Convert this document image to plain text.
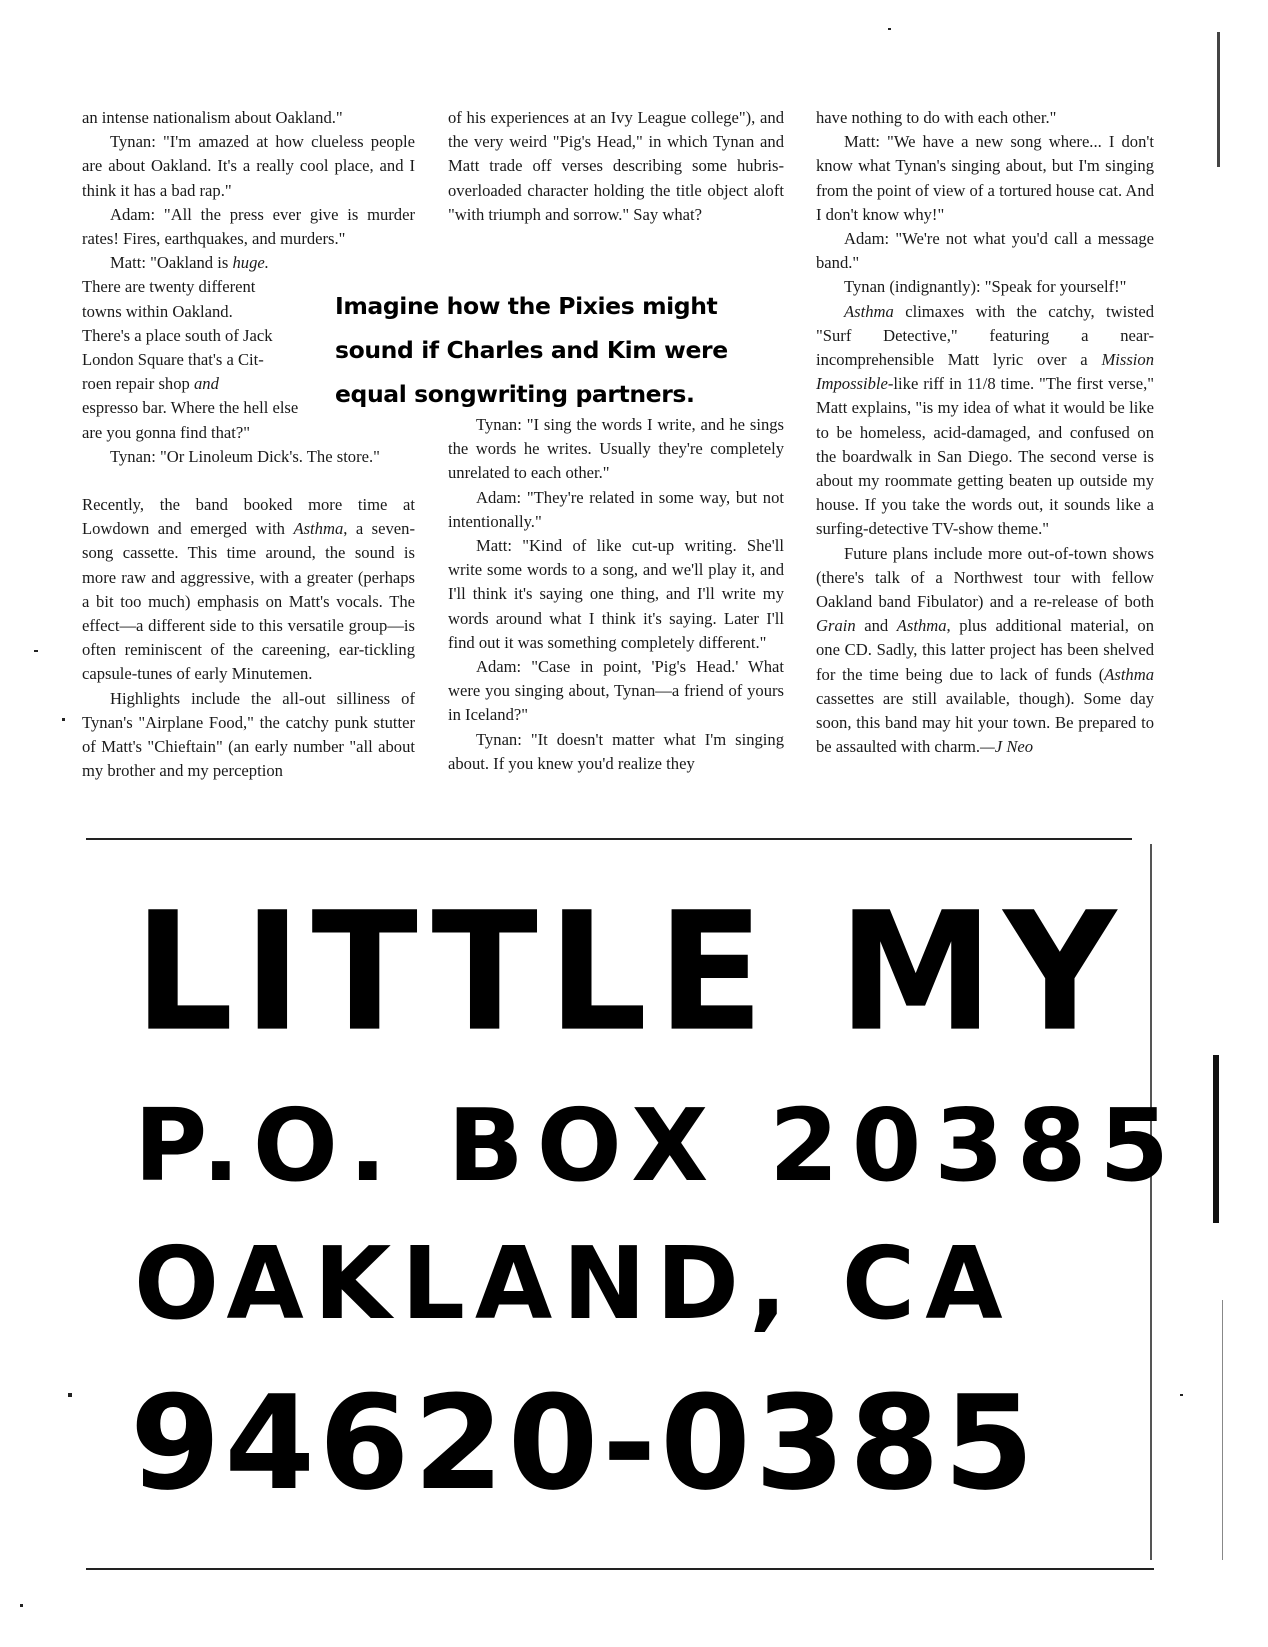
an intense nationalism about Oakland."

Tynan: "I'm amazed at how clueless people are about Oakland. It's a really cool place, and I think it has a bad rap."

Adam: "All the press ever give is murder rates! Fires, earthquakes, and murders."

Matt: "Oakland is huge.

There are twenty different
towns within Oakland.
There's a place south of Jack
London Square that's a Cit-
roen repair shop and

espresso bar. Where the hell else are you gonna find that?"

Tynan: "Or Linoleum Dick's. The store."

Recently, the band booked more time at Lowdown and emerged with Asthma, a seven-song cassette. This time around, the sound is more raw and aggressive, with a greater (perhaps a bit too much) emphasis on Matt's vocals. The effect—a different side to this versatile group—is often reminiscent of the careening, ear-tickling capsule-tunes of early Minutemen.

Highlights include the all-out silliness of Tynan's "Airplane Food," the catchy punk stutter of Matt's "Chieftain" (an early number "all about my brother and my perception

of his experiences at an Ivy League college"), and the very weird "Pig's Head," in which Tynan and Matt trade off verses describing some hubris-overloaded character holding the title object aloft "with triumph and sorrow." Say what?

Tynan: "I sing the words I write, and he sings the words he writes. Usually they're completely unrelated to each other."

Adam: "They're related in some way, but not intentionally."

Matt: "Kind of like cut-up writing. She'll write some words to a song, and we'll play it, and I'll think it's saying one thing, and I'll write my words around what I think it's saying. Later I'll find out it was something completely different."

Adam: "Case in point, 'Pig's Head.' What were you singing about, Tynan—a friend of yours in Iceland?"

Tynan: "It doesn't matter what I'm singing about. If you knew you'd realize they

have nothing to do with each other."

Matt: "We have a new song where... I don't know what Tynan's singing about, but I'm singing from the point of view of a tortured house cat. And I don't know why!"

Adam: "We're not what you'd call a message band."

Tynan (indignantly): "Speak for yourself!"

Asthma climaxes with the catchy, twisted "Surf Detective," featuring a near-incomprehensible Matt lyric over a Mission Impossible-like riff in 11/8 time. "The first verse," Matt explains, "is my idea of what it would be like to be homeless, acid-damaged, and confused on the boardwalk in San Diego. The second verse is about my roommate getting beaten up outside my house. If you take the words out, it sounds like a surfing-detective TV-show theme."

Future plans include more out-of-town shows (there's talk of a Northwest tour with fellow Oakland band Fibulator) and a re-release of both Grain and Asthma, plus additional material, on one CD. Sadly, this latter project has been shelved for the time being due to lack of funds (Asthma cassettes are still available, though). Some day soon, this band may hit your town. Be prepared to be assaulted with charm.—J Neo

Imagine how the Pixies might
sound if Charles and Kim were
equal songwriting partners.
LITTLE MY
P.O. BOX 20385
OAKLAND, CA
94620-0385
